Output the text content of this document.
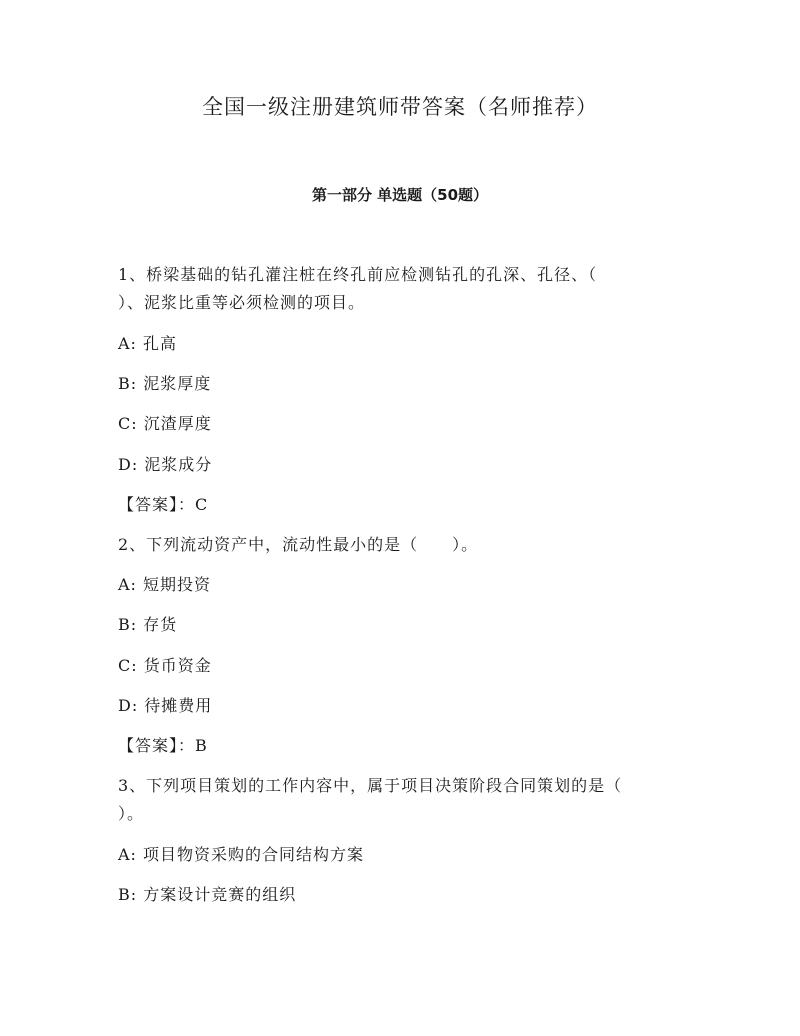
全国一级注册建筑师带答案（名师推荐）
第一部分 单选题（50题）
1、桥梁基础的钻孔灌注桩在终孔前应检测钻孔的孔深、孔径、（
）、泥浆比重等必须检测的项目。
A: 孔高
B: 泥浆厚度
C: 沉渣厚度
D: 泥浆成分
【答案】：C
2、下列流动资产中，流动性最小的是（　　）。
A: 短期投资
B: 存货
C: 货币资金
D: 待摊费用
【答案】：B
3、下列项目策划的工作内容中，属于项目决策阶段合同策划的是（
）。
A: 项目物资采购的合同结构方案
B: 方案设计竞赛的组织
